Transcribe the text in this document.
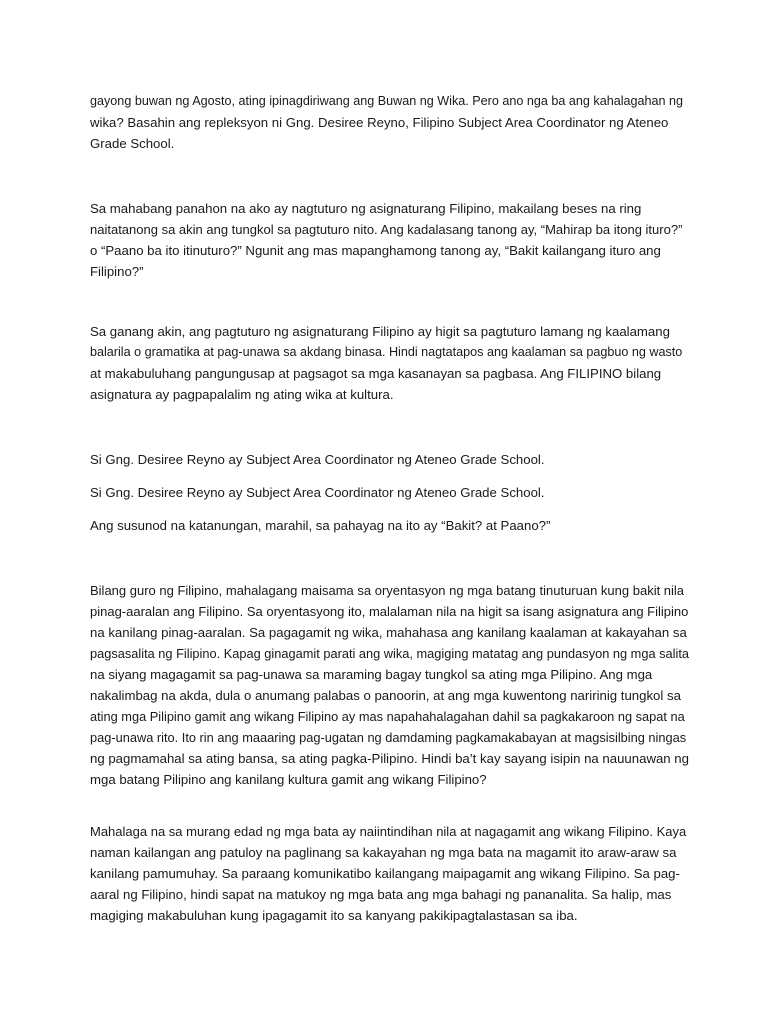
gayong buwan ng Agosto, ating ipinagdiriwang ang Buwan ng Wika. Pero ano nga ba ang kahalagahan ng
wika? Basahin ang repleksyon ni Gng. Desiree Reyno, Filipino Subject Area Coordinator ng Ateneo
Grade School.

Sa mahabang panahon na ako ay nagtuturo ng asignaturang Filipino, makailang beses na ring
naitatanong sa akin ang tungkol sa pagtuturo nito. Ang kadalasang tanong ay, “Mahirap ba itong ituro?”
o “Paano ba ito itinuturo?” Ngunit ang mas mapanghamong tanong ay, “Bakit kailangang ituro ang
Filipino?”

Sa ganang akin, ang pagtuturo ng asignaturang Filipino ay higit sa pagtuturo lamang ng kaalamang
balarila o gramatika at pag-unawa sa akdang binasa. Hindi nagtatapos ang kaalaman sa pagbuo ng wasto
at makabuluhang pangungusap at pagsagot sa mga kasanayan sa pagbasa. Ang FILIPINO bilang
asignatura ay pagpapalalim ng ating wika at kultura.

Si Gng. Desiree Reyno ay Subject Area Coordinator ng Ateneo Grade School.

Si Gng. Desiree Reyno ay Subject Area Coordinator ng Ateneo Grade School.

Ang susunod na katanungan, marahil, sa pahayag na ito ay “Bakit? at Paano?”

Bilang guro ng Filipino, mahalagang maisama sa oryentasyon ng mga batang tinuturuan kung bakit nila
pinag-aaralan ang Filipino. Sa oryentasyong ito, malalaman nila na higit sa isang asignatura ang Filipino
na kanilang pinag-aaralan. Sa pagagamit ng wika, mahahasa ang kanilang kaalaman at kakayahan sa
pagsasalita ng Filipino. Kapag ginagamit parati ang wika, magiging matatag ang pundasyon ng mga salita
na siyang magagamit sa pag-unawa sa maraming bagay tungkol sa ating mga Pilipino. Ang mga
nakalimbag na akda, dula o anumang palabas o panoorin, at ang mga kuwentong naririnig tungkol sa
ating mga Pilipino gamit ang wikang Filipino ay mas napahahalagahan dahil sa pagkakaroon ng sapat na
pag-unawa rito. Ito rin ang maaaring pag-ugatan ng damdaming pagkamakabayan at magsisilbing ningas
ng pagmamahal sa ating bansa, sa ating pagka-Pilipino. Hindi ba’t kay sayang isipin na nauunawan ng
mga batang Pilipino ang kanilang kultura gamit ang wikang Filipino?

Mahalaga na sa murang edad ng mga bata ay naiintindihan nila at nagagamit ang wikang Filipino. Kaya
naman kailangan ang patuloy na paglinang sa kakayahan ng mga bata na magamit ito araw-araw sa
kanilang pamumuhay. Sa paraang komunikatibo kailangang maipagamit ang wikang Filipino. Sa pag-
aaral ng Filipino, hindi sapat na matukoy ng mga bata ang mga bahagi ng pananalita. Sa halip, mas
magiging makabuluhan kung ipagagamit ito sa kanyang pakikipagtalastasan sa iba.
